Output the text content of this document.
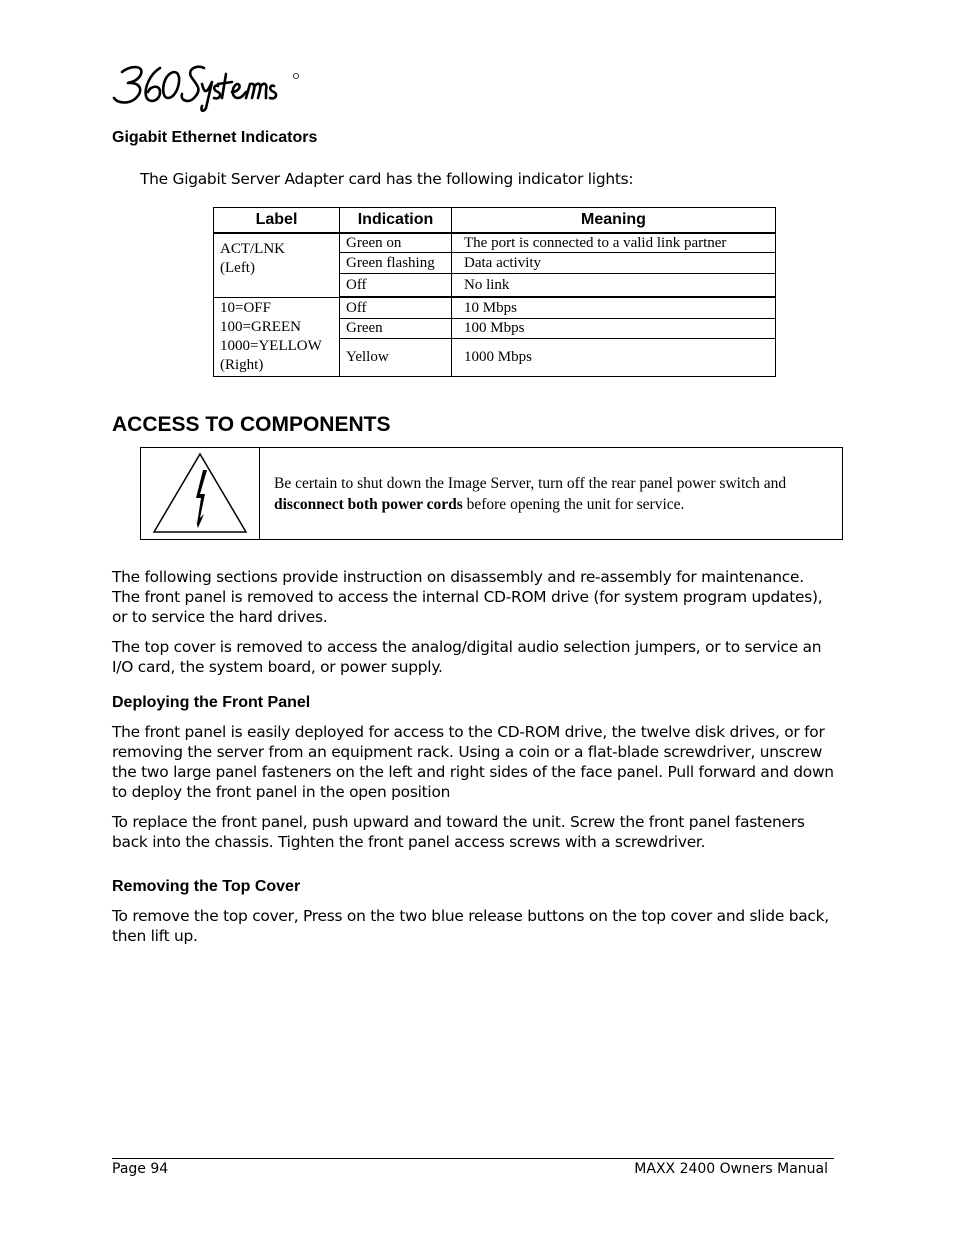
Gigabit Ethernet Indicators
The Gigabit Server Adapter card has the following indicator lights:
Label	Indication	Meaning

ACT/LNK
(Left)	Green on	The port is connected to a valid link partner
	Green flashing	Data activity
	Off	No link

10=OFF
100=GREEN
1000=YELLOW
(Right)	Off	10 Mbps
	Green	100 Mbps
	Yellow	1000 Mbps
ACCESS TO COMPONENTS
Be certain to shut down the Image Server, turn off the rear panel power switch and disconnect both power cords before opening the unit for service.
The following sections provide instruction on disassembly and re-assembly for maintenance.
The front panel is removed to access the internal CD-ROM drive (for system program updates), or to service the hard drives.
The top cover is removed to access the analog/digital audio selection jumpers, or to service an I/O card, the system board, or power supply.
Deploying the Front Panel
The front panel is easily deployed for access to the CD-ROM drive, the twelve disk drives, or for removing the server from an equipment rack. Using a coin or a flat-blade screwdriver, unscrew the two large panel fasteners on the left and right sides of the face panel. Pull forward and down to deploy the front panel in the open position
To replace the front panel, push upward and toward the unit. Screw the front panel fasteners back into the chassis. Tighten the front panel access screws with a screwdriver.
Removing the Top Cover
To remove the top cover, Press on the two blue release buttons on the top cover and slide back, then lift up.
Page 94	MAXX 2400 Owners Manual
